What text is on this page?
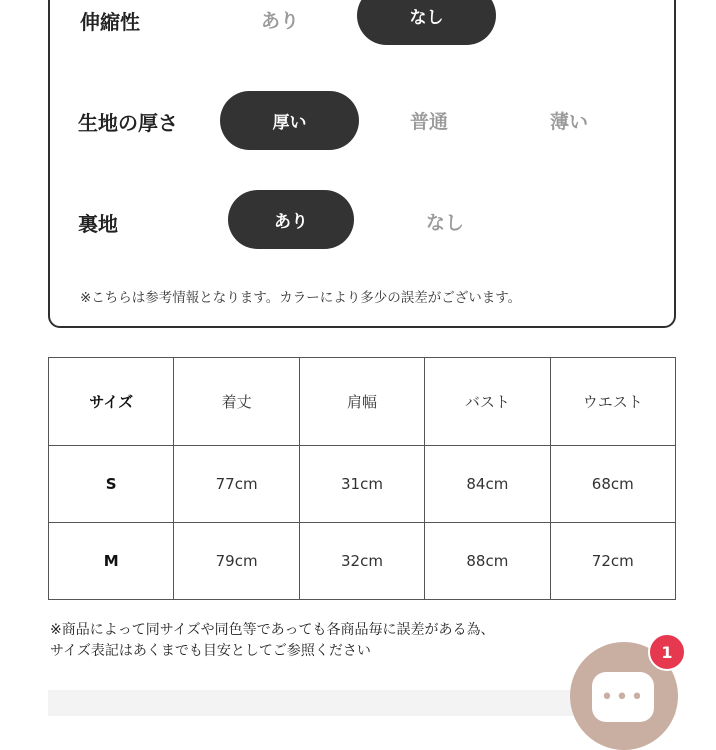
伸縮性	あり	なし
生地の厚さ	厚い	普通	薄い
裏地	あり	なし
※こちらは参考情報となります。カラーにより多少の誤差がございます。
サイズ	着丈	肩幅	バスト	ウエスト
S	77cm	31cm	84cm	68cm
M	79cm	32cm	88cm	72cm
※商品によって同サイズや同色等であっても各商品毎に誤差がある為、
サイズ表記はあくまでも目安としてご参照ください
•••
1
